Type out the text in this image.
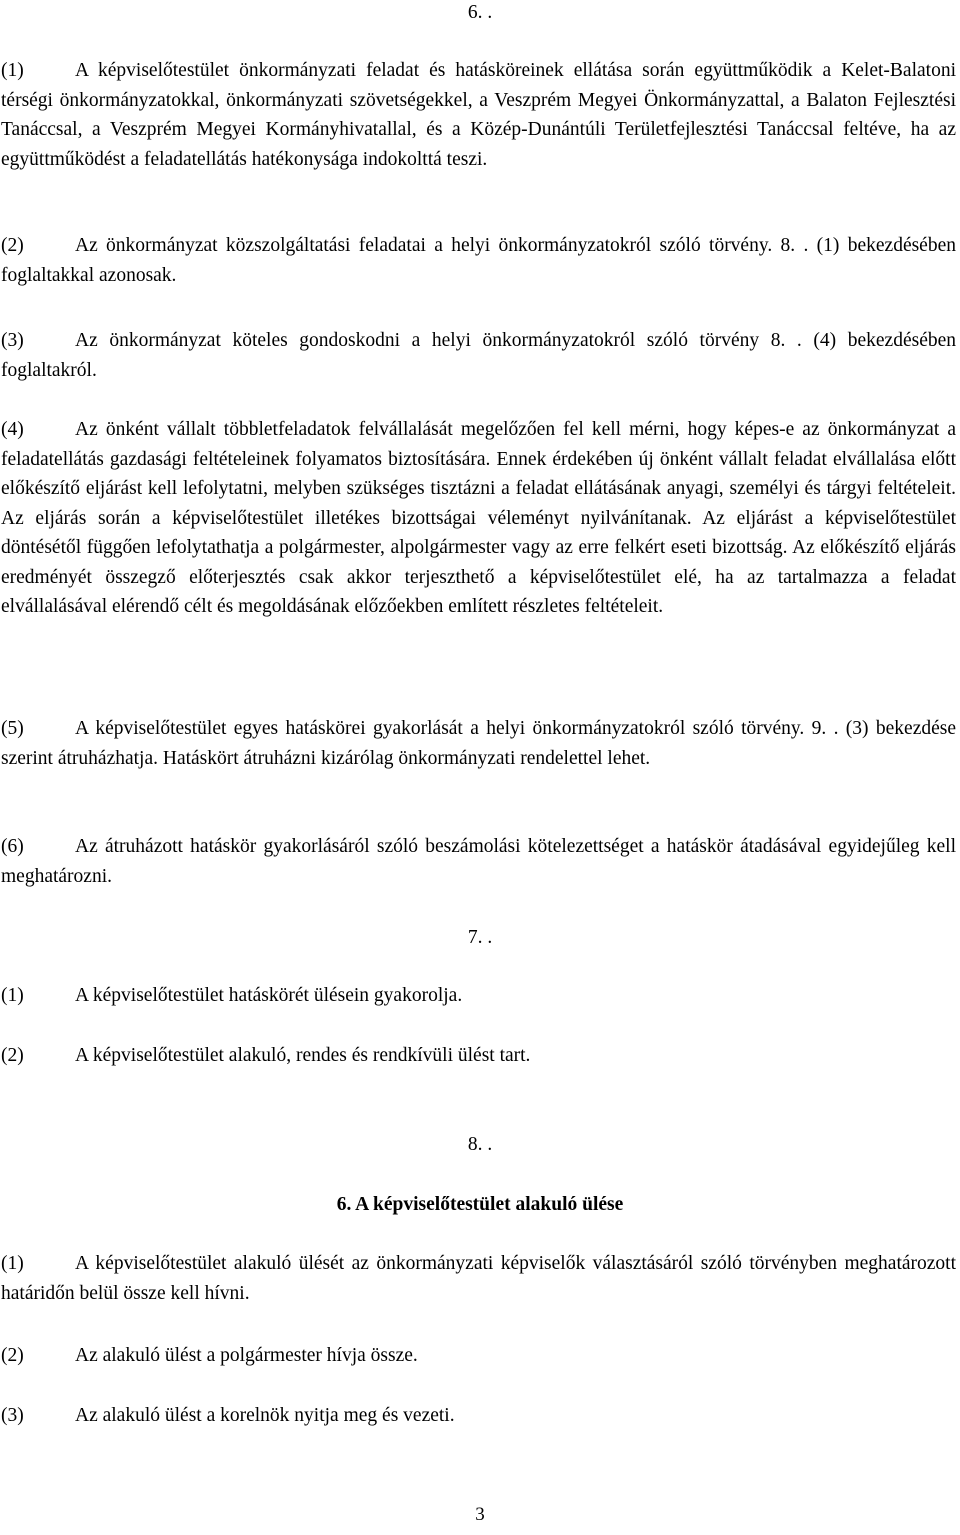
6. .

(1)	A képviselőtestület önkormányzati feladat és hatásköreinek ellátása során együttműködik a Kelet-Balatoni térségi önkormányzatokkal, önkormányzati szövetségekkel, a Veszprém Megyei Önkormányzattal, a Balaton Fejlesztési Tanáccsal, a Veszprém Megyei Kormányhivatallal, és a Közép-Dunántúli Területfejlesztési Tanáccsal feltéve, ha az együttműködést a feladatellátás hatékonysága indokolttá teszi.

(2)	Az önkormányzat közszolgáltatási feladatai a helyi önkormányzatokról szóló törvény. 8. . (1) bekezdésében foglaltakkal azonosak.

(3)	Az önkormányzat köteles gondoskodni a helyi önkormányzatokról szóló törvény 8. . (4) bekezdésében foglaltakról.

(4)	Az önként vállalt többletfeladatok felvállalását megelőzően fel kell mérni, hogy képes-e az önkormányzat a feladatellátás gazdasági feltételeinek folyamatos biztosítására. Ennek érdekében új önként vállalt feladat elvállalása előtt előkészítő eljárást kell lefolytatni, melyben szükséges tisztázni a feladat ellátásának anyagi, személyi és tárgyi feltételeit. Az eljárás során a képviselőtestület illetékes bizottságai véleményt nyilvánítanak. Az eljárást a képviselőtestület döntésétől függően lefolytathatja a polgármester, alpolgármester vagy az erre felkért eseti bizottság. Az előkészítő eljárás eredményét összegző előterjesztés csak akkor terjeszthető a képviselőtestület elé, ha az tartalmazza a feladat elvállalásával elérendő célt és megoldásának előzőekben említett részletes feltételeit.

(5)	A képviselőtestület egyes hatáskörei gyakorlását a helyi önkormányzatokról szóló törvény. 9. . (3) bekezdése szerint átruházhatja. Hatáskört átruházni kizárólag önkormányzati rendelettel lehet.

(6)	Az átruházott hatáskör gyakorlásáról szóló beszámolási kötelezettséget a hatáskör átadásával egyidejűleg kell meghatározni.

7. .

(1)	A képviselőtestület hatáskörét ülésein gyakorolja.

(2)	A képviselőtestület alakuló, rendes és rendkívüli ülést tart.

8. .
6. A képviselőtestület alakuló ülése

(1)	A képviselőtestület alakuló ülését az önkormányzati képviselők választásáról szóló törvényben meghatározott határidőn belül össze kell hívni.

(2)	Az alakuló ülést a polgármester hívja össze.

(3)	Az alakuló ülést a korelnök nyitja meg és vezeti.

3
